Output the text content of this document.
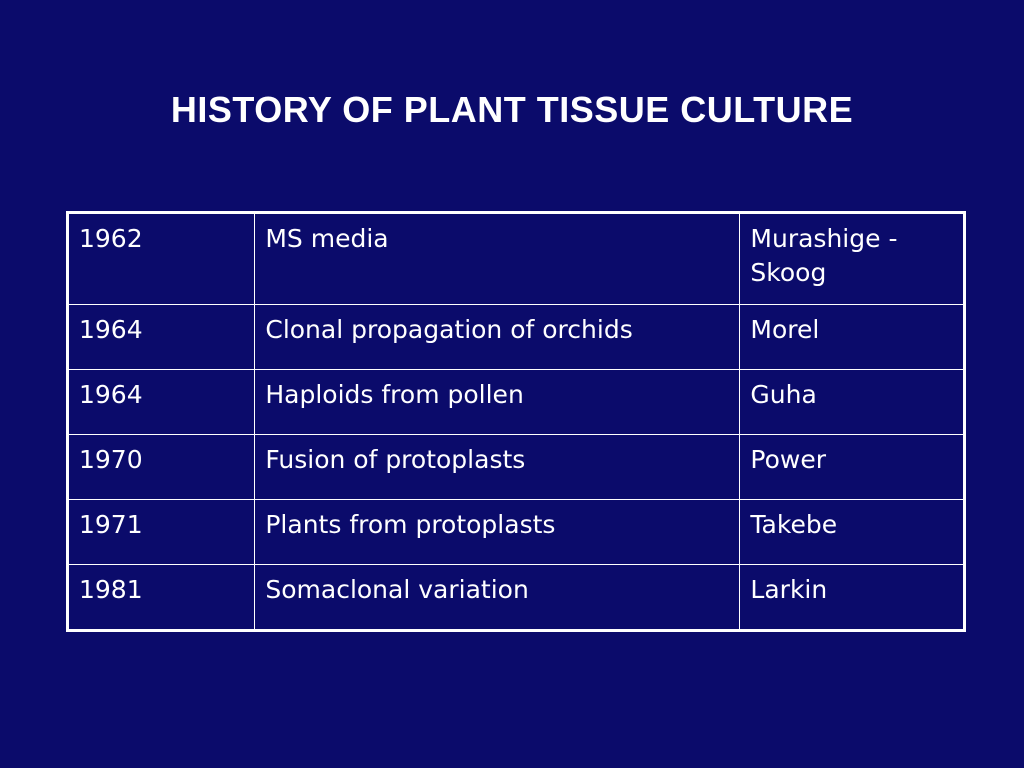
HISTORY OF PLANT TISSUE CULTURE
1962	MS media	Murashige - Skoog
1964	Clonal propagation of orchids	Morel
1964	Haploids from pollen	Guha
1970	Fusion of protoplasts	Power
1971	Plants from protoplasts	Takebe
1981	Somaclonal variation	Larkin
